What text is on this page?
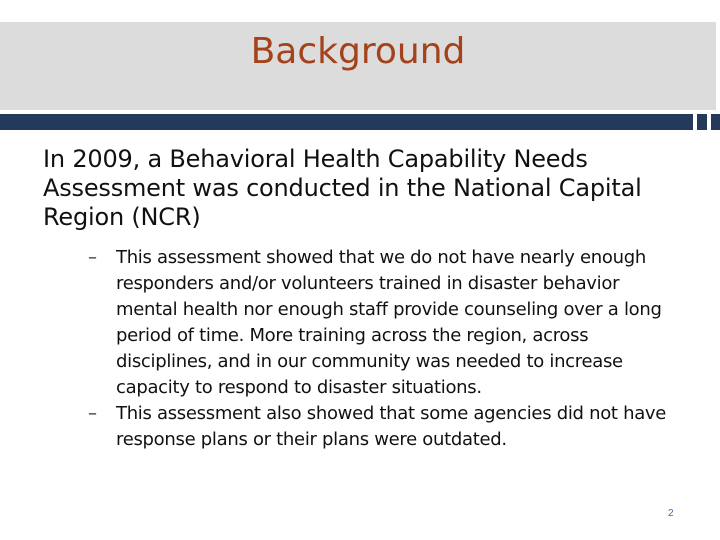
Background

In 2009, a Behavioral Health Capability Needs Assessment was conducted in the National Capital Region (NCR)

–	This assessment showed that we do not have nearly enough responders and/or volunteers trained in disaster behavior mental health nor enough staff provide counseling over a long period of time. More training across the region, across disciplines, and in our community was needed to increase capacity to respond to disaster situations.
–	This assessment also showed that some agencies did not have response plans or their plans were outdated.
2
